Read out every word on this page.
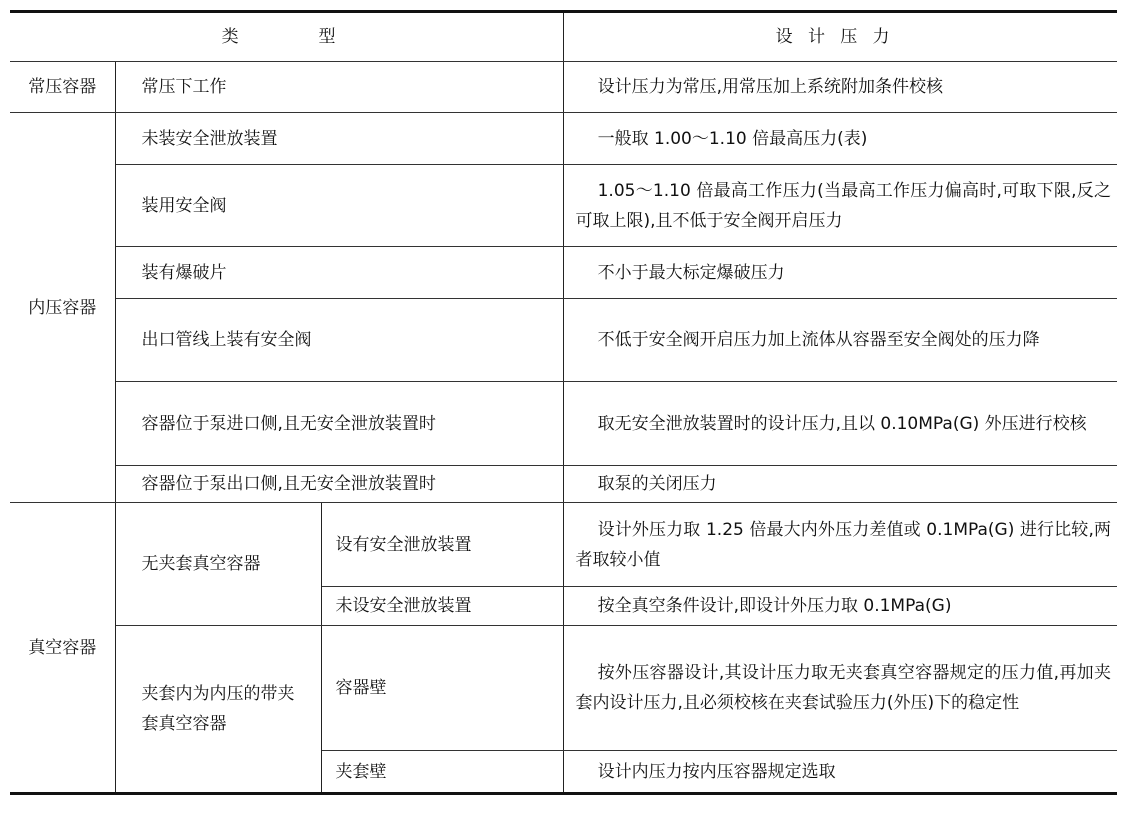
类　　型			设计压力
常压容器	常压下工作		设计压力为常压,用常压加上系统附加条件校核
内压容器	未装安全泄放装置		一般取 1.00～1.10 倍最高压力(表)
	装用安全阀		1.05～1.10 倍最高工作压力(当最高工作压力偏高时,可取下限,反之可取上限),且不低于安全阀开启压力
	装有爆破片		不小于最大标定爆破压力
	出口管线上装有安全阀		不低于安全阀开启压力加上流体从容器至安全阀处的压力降
	容器位于泵进口侧,且无安全泄放装置时		取无安全泄放装置时的设计压力,且以 0.10MPa(G) 外压进行校核
	容器位于泵出口侧,且无安全泄放装置时		取泵的关闭压力
真空容器	无夹套真空容器	设有安全泄放装置	设计外压力取 1.25 倍最大内外压力差值或 0.1MPa(G) 进行比较,两者取较小值
		未设安全泄放装置	按全真空条件设计,即设计外压力取 0.1MPa(G)
	夹套内为内压的带夹套真空容器	容器壁	按外压容器设计,其设计压力取无夹套真空容器规定的压力值,再加夹套内设计压力,且必须校核在夹套试验压力(外压)下的稳定性
		夹套壁	设计内压力按内压容器规定选取
